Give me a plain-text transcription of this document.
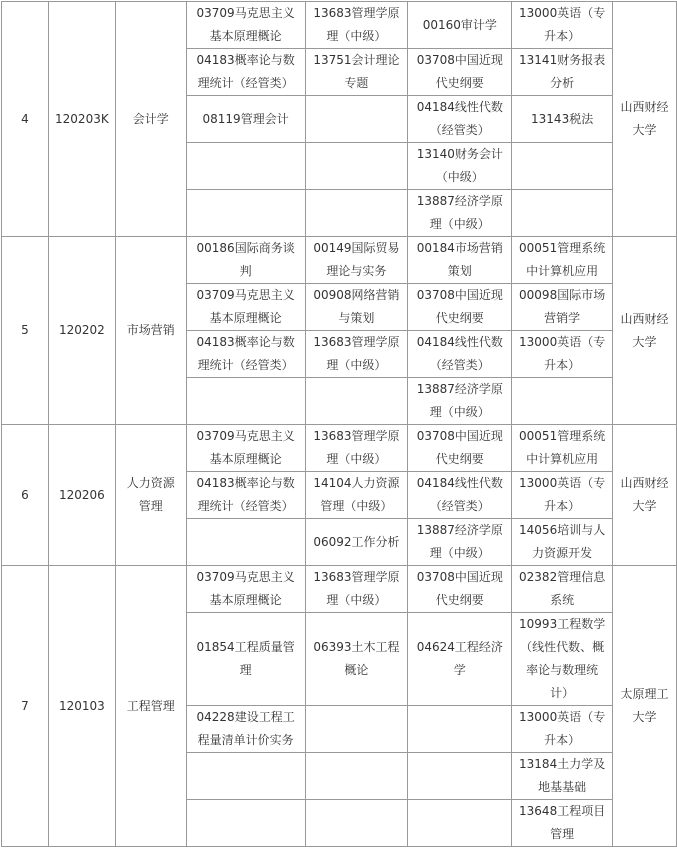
4	120203K	会计学	03709马克思主义基本原理概论	13683管理学原理（中级）	00160审计学	13000英语（专升本）	山西财经大学
			04183概率论与数理统计（经管类）	13751会计理论专题	03708中国近现代史纲要	13141财务报表分析	
			08119管理会计		04184线性代数（经管类）	13143税法	
					13140财务会计（中级）		
					13887经济学原理（中级）		
5	120202	市场营销	00186国际商务谈判	00149国际贸易理论与实务	00184市场营销策划	00051管理系统中计算机应用	山西财经大学
			03709马克思主义基本原理概论	00908网络营销与策划	03708中国近现代史纲要	00098国际市场营销学	
			04183概率论与数理统计（经管类）	13683管理学原理（中级）	04184线性代数（经管类）	13000英语（专升本）	
					13887经济学原理（中级）		
6	120206	人力资源管理	03709马克思主义基本原理概论	13683管理学原理（中级）	03708中国近现代史纲要	00051管理系统中计算机应用	山西财经大学
			04183概率论与数理统计（经管类）	14104人力资源管理（中级）	04184线性代数（经管类）	13000英语（专升本）	
				06092工作分析	13887经济学原理（中级）	14056培训与人力资源开发	
7	120103	工程管理	03709马克思主义基本原理概论	13683管理学原理（中级）	03708中国近现代史纲要	02382管理信息系统	太原理工大学
			01854工程质量管理	06393土木工程概论	04624工程经济学	10993工程数学（线性代数、概率论与数理统计）	
			04228建设工程工程量清单计价实务			13000英语（专升本）	
						13184土力学及地基基础	
						13648工程项目管理	
